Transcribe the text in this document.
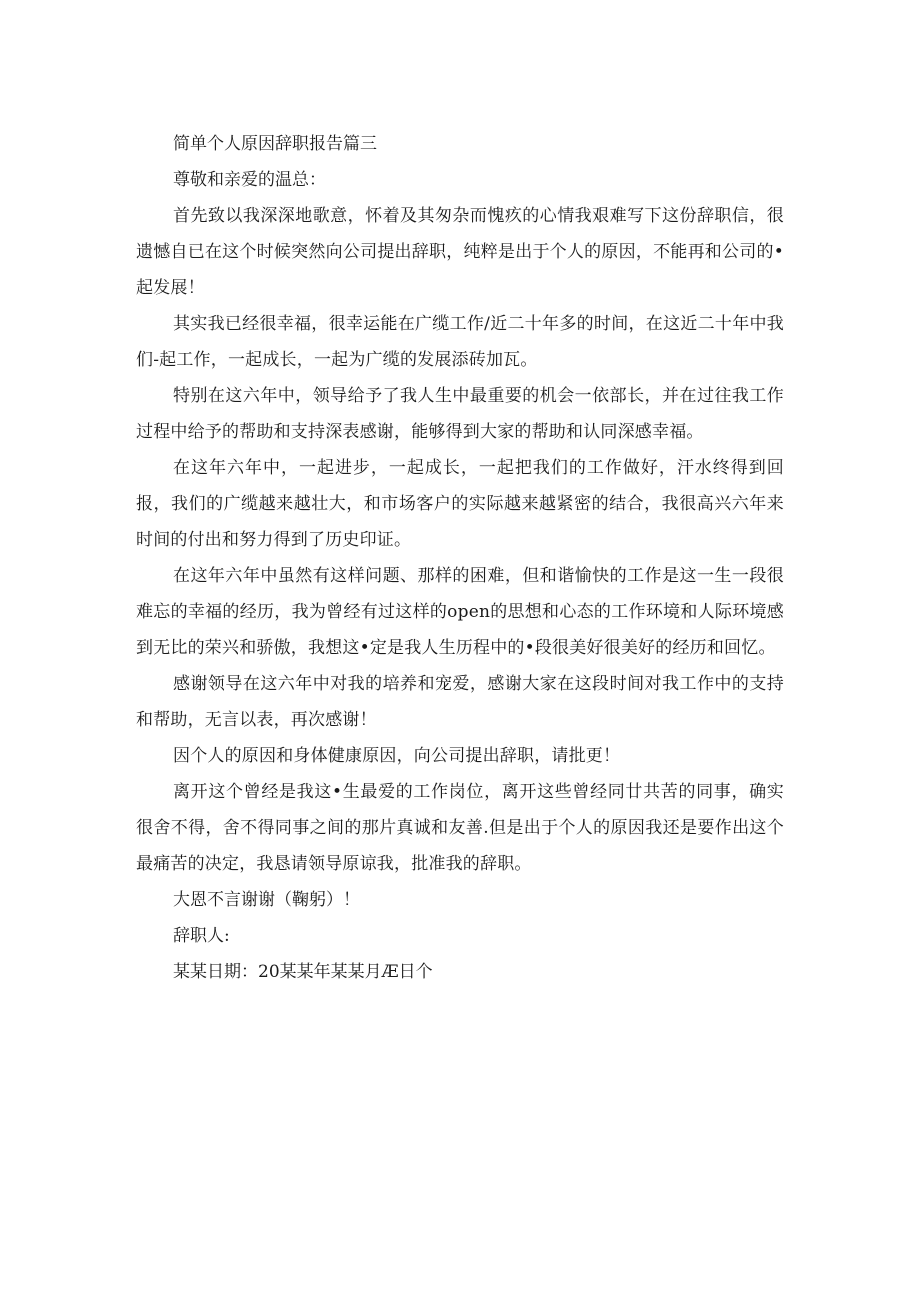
简单个人原因辞职报告篇三

尊敬和亲爱的温总：

首先致以我深深地歌意，怀着及其匆杂而愧疚的心情我艰难写下这份辞职信，很遗憾自已在这个时候突然向公司提出辞职，纯粹是出于个人的原因，不能再和公司的•起发展！

其实我已经很幸福，很幸运能在广缆工作/近二十年多的时间，在这近二十年中我们-起工作，一起成长，一起为广缆的发展添砖加瓦。

特别在这六年中，领导给予了我人生中最重要的机会一依部长，并在过往我工作过程中给予的帮助和支持深表感谢，能够得到大家的帮助和认同深感幸福。

在这年六年中，一起进步，一起成长，一起把我们的工作做好，汗水终得到回报，我们的广缆越来越壮大，和市场客户的实际越来越紧密的结合，我很高兴六年来时间的付出和努力得到了历史印证。

在这年六年中虽然有这样问题、那样的困难，但和谐愉快的工作是这一生一段很难忘的幸福的经历，我为曾经有过这样的open的思想和心态的工作环境和人际环境感到无比的荣兴和骄傲，我想这•定是我人生历程中的•段很美好很美好的经历和回忆。

感谢领导在这六年中对我的培养和宠爱，感谢大家在这段时间对我工作中的支持和帮助，无言以表，再次感谢！

因个人的原因和身体健康原因，向公司提出辞职，请批更！

离开这个曾经是我这•生最爱的工作岗位，离开这些曾经同廿共苦的同事，确实很舍不得，舍不得同事之间的那片真诚和友善.但是出于个人的原因我还是要作出这个最痛苦的决定，我恳请领导原谅我，批准我的辞职。

大恩不言谢谢（鞠躬）！

辞职人:

某某日期：20某某年某某月Æ日个
